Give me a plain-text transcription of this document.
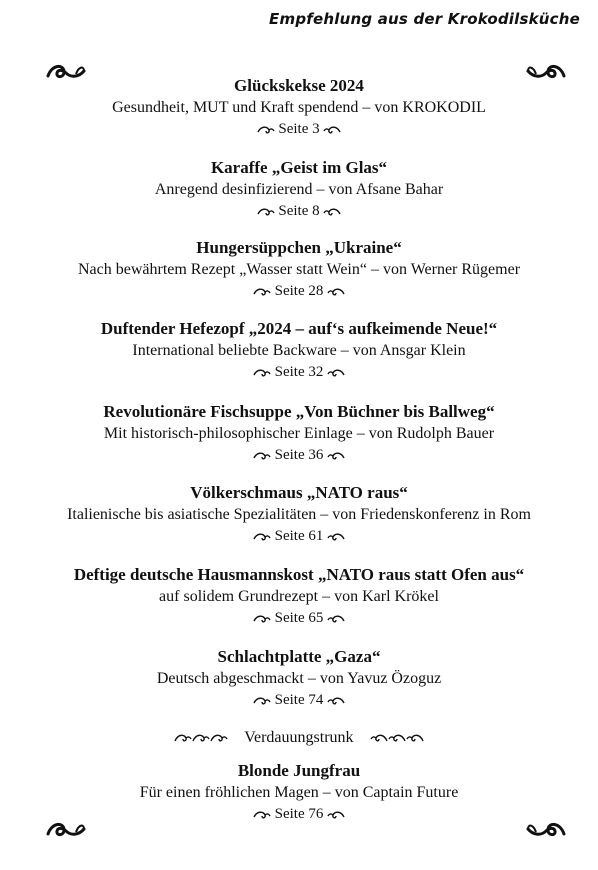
Empfehlung aus der Krokodilsküche
Glückskekse 2024
Gesundheit, MUT und Kraft spendend – von KROKODIL
Seite 3
Karaffe „Geist im Glas“
Anregend desinfizierend – von Afsane Bahar
Seite 8
Hungersüppchen „Ukraine“
Nach bewährtem Rezept „Wasser statt Wein“ – von Werner Rügemer
Seite 28
Duftender Hefezopf „2024 – auf‘s aufkeimende Neue!“
International beliebte Backware – von Ansgar Klein
Seite 32
Revolutionäre Fischsuppe „Von Büchner bis Ballweg“
Mit historisch-philosophischer Einlage – von Rudolph Bauer
Seite 36
Völkerschmaus „NATO raus“
Italienische bis asiatische Spezialitäten – von Friedenskonferenz in Rom
Seite 61
Deftige deutsche Hausmannskost „NATO raus statt Ofen aus“
auf solidem Grundrezept – von Karl Krökel
Seite 65
Schlachtplatte „Gaza“
Deutsch abgeschmackt – von Yavuz Özoguz
Seite 74
Verdauungstrunk
Blonde Jungfrau
Für einen fröhlichen Magen – von Captain Future
Seite 76
